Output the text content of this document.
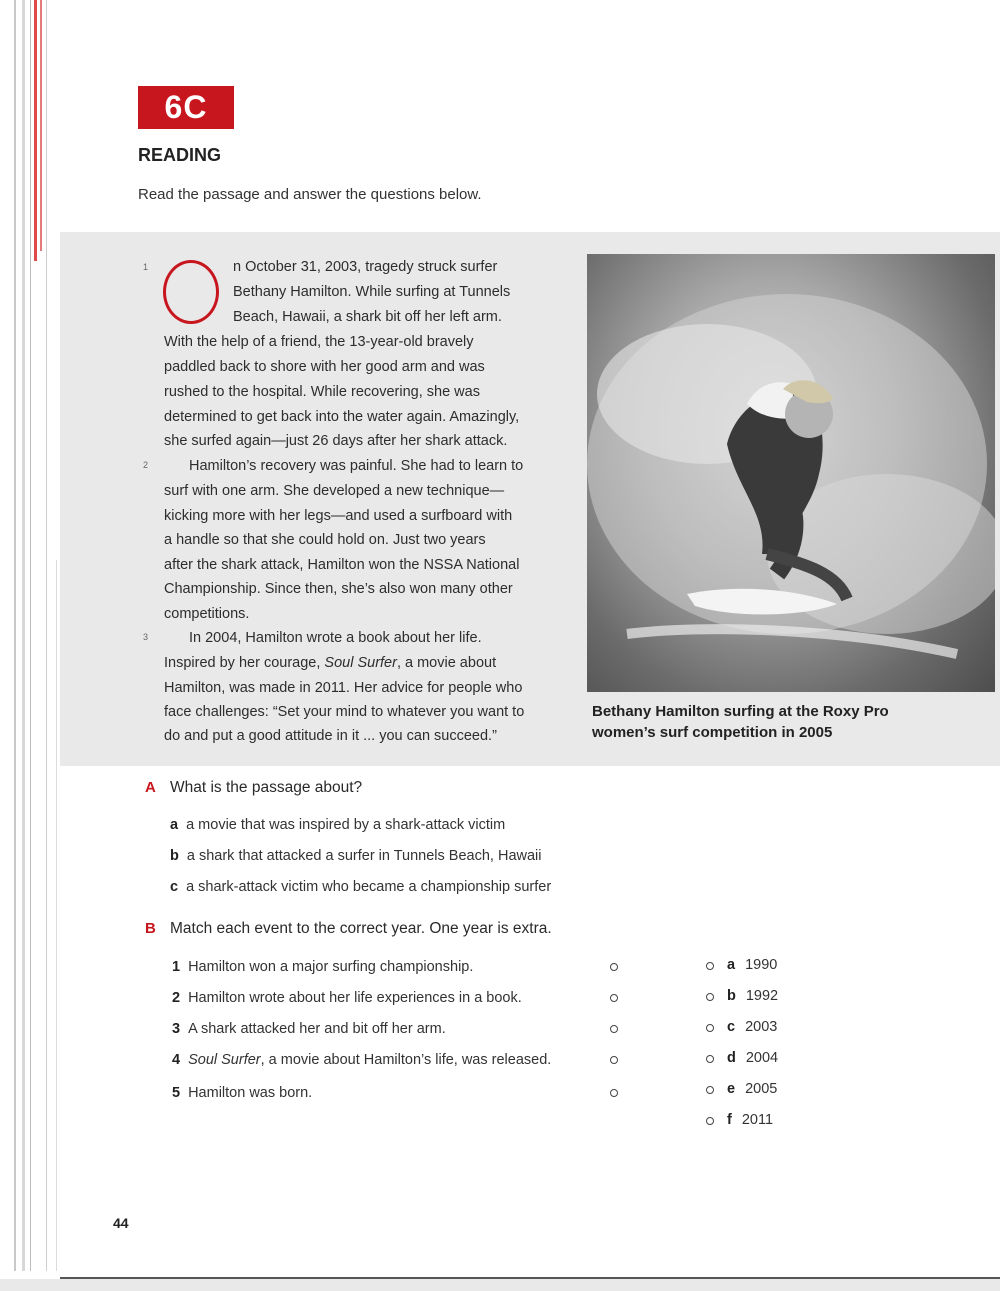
6C
READING
Read the passage and answer the questions below.
1
2
3
n October 31, 2003, tragedy struck surfer
Bethany Hamilton. While surfing at Tunnels
Beach, Hawaii, a shark bit off her left arm.
With the help of a friend, the 13-year-old bravely
paddled back to shore with her good arm and was
rushed to the hospital. While recovering, she was
determined to get back into the water again. Amazingly,
she surfed again—just 26 days after her shark attack.
Hamilton’s recovery was painful. She had to learn to
surf with one arm. She developed a new technique—
kicking more with her legs—and used a surfboard with
a handle so that she could hold on. Just two years
after the shark attack, Hamilton won the NSSA National
Championship. Since then, she’s also won many other
competitions.
In 2004, Hamilton wrote a book about her life.
Inspired by her courage, Soul Surfer, a movie about
Hamilton, was made in 2011. Her advice for people who
face challenges: “Set your mind to whatever you want to
do and put a good attitude in it ... you can succeed.”
Bethany Hamilton surfing at the Roxy Pro
women’s surf competition in 2005
A What is the passage about?
a a movie that was inspired by a shark-attack victim
b a shark that attacked a surfer in Tunnels Beach, Hawaii
c a shark-attack victim who became a championship surfer
B Match each event to the correct year. One year is extra.
1 Hamilton won a major surfing championship.
2 Hamilton wrote about her life experiences in a book.
3 A shark attacked her and bit off her arm.
4 Soul Surfer, a movie about Hamilton’s life, was released.
5 Hamilton was born.
a 1990
b 1992
c 2003
d 2004
e 2005
f 2011
44
